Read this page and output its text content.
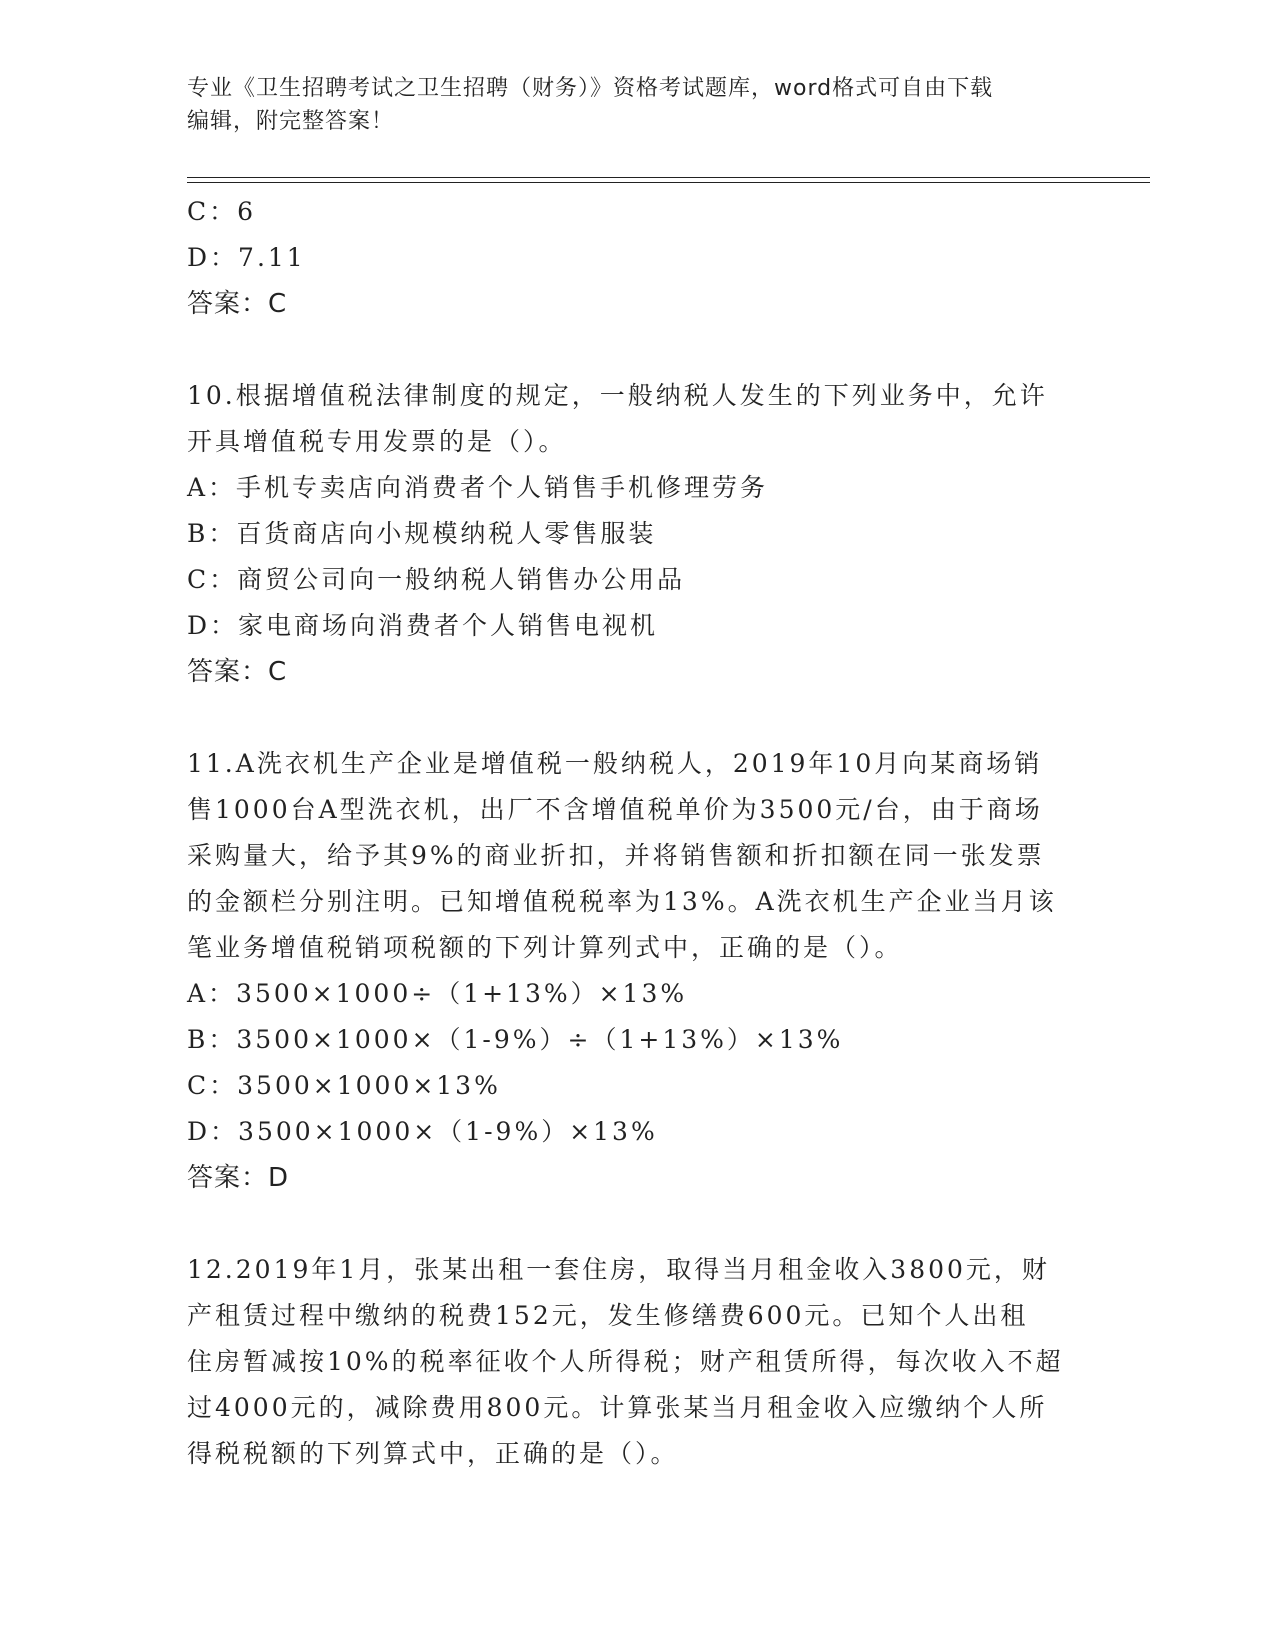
专业《卫生招聘考试之卫生招聘（财务）》资格考试题库，word格式可自由下载
编辑，附完整答案！
C：6
D：7.11
答案：C
10.根据增值税法律制度的规定，一般纳税人发生的下列业务中，允许
开具增值税专用发票的是（）。
A：手机专卖店向消费者个人销售手机修理劳务
B：百货商店向小规模纳税人零售服装
C：商贸公司向一般纳税人销售办公用品
D：家电商场向消费者个人销售电视机
答案：C
11.A洗衣机生产企业是增值税一般纳税人，2019年10月向某商场销
售1000台A型洗衣机，出厂不含增值税单价为3500元/台，由于商场
采购量大，给予其9%的商业折扣，并将销售额和折扣额在同一张发票
的金额栏分别注明。已知增值税税率为13%。A洗衣机生产企业当月该
笔业务增值税销项税额的下列计算列式中，正确的是（）。
A：3500×1000÷（1+13%）×13%
B：3500×1000×（1-9%）÷（1+13%）×13%
C：3500×1000×13%
D：3500×1000×（1-9%）×13%
答案：D
12.2019年1月，张某出租一套住房，取得当月租金收入3800元，财
产租赁过程中缴纳的税费152元，发生修缮费600元。已知个人出租
住房暂减按10%的税率征收个人所得税；财产租赁所得，每次收入不超
过4000元的，减除费用800元。计算张某当月租金收入应缴纳个人所
得税税额的下列算式中，正确的是（）。
